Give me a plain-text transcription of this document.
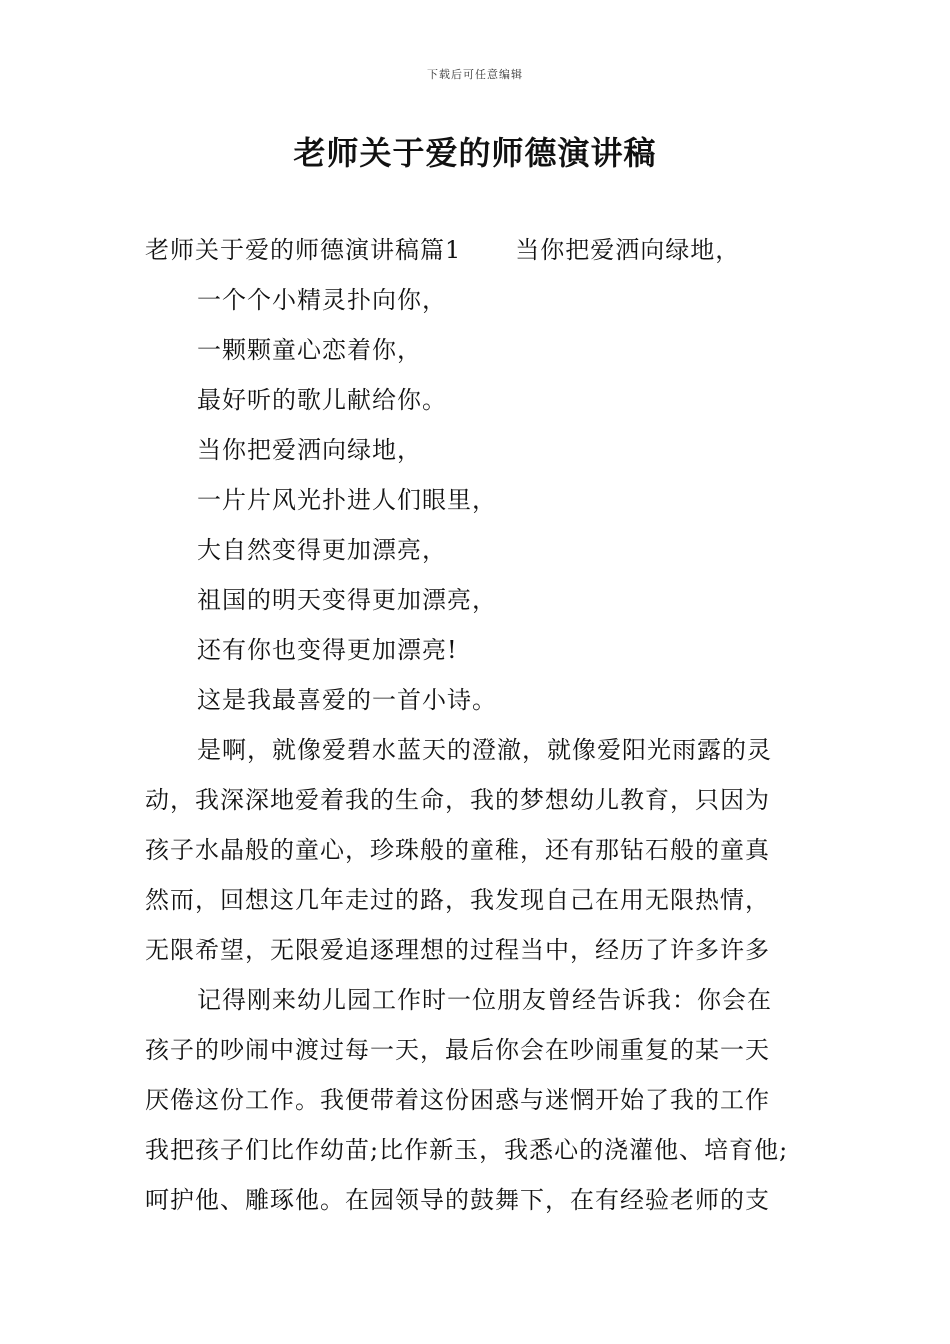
下载后可任意编辑
老师关于爱的师德演讲稿
老师关于爱的师德演讲稿篇1 当你把爱洒向绿地，
一个个小精灵扑向你，
一颗颗童心恋着你，
最好听的歌儿献给你。
当你把爱洒向绿地，
一片片风光扑进人们眼里，
大自然变得更加漂亮，
祖国的明天变得更加漂亮，
还有你也变得更加漂亮!
这是我最喜爱的一首小诗。
是啊，就像爱碧水蓝天的澄澈，就像爱阳光雨露的灵
动，我深深地爱着我的生命，我的梦想幼儿教育，只因为
孩子水晶般的童心，珍珠般的童稚，还有那钻石般的童真
然而，回想这几年走过的路，我发现自己在用无限热情，
无限希望，无限爱追逐理想的过程当中，经历了许多许多
记得刚来幼儿园工作时一位朋友曾经告诉我：你会在
孩子的吵闹中渡过每一天，最后你会在吵闹重复的某一天
厌倦这份工作。我便带着这份困惑与迷惘开始了我的工作
我把孩子们比作幼苗;比作新玉，我悉心的浇灌他、培育他;
呵护他、雕琢他。在园领导的鼓舞下，在有经验老师的支
